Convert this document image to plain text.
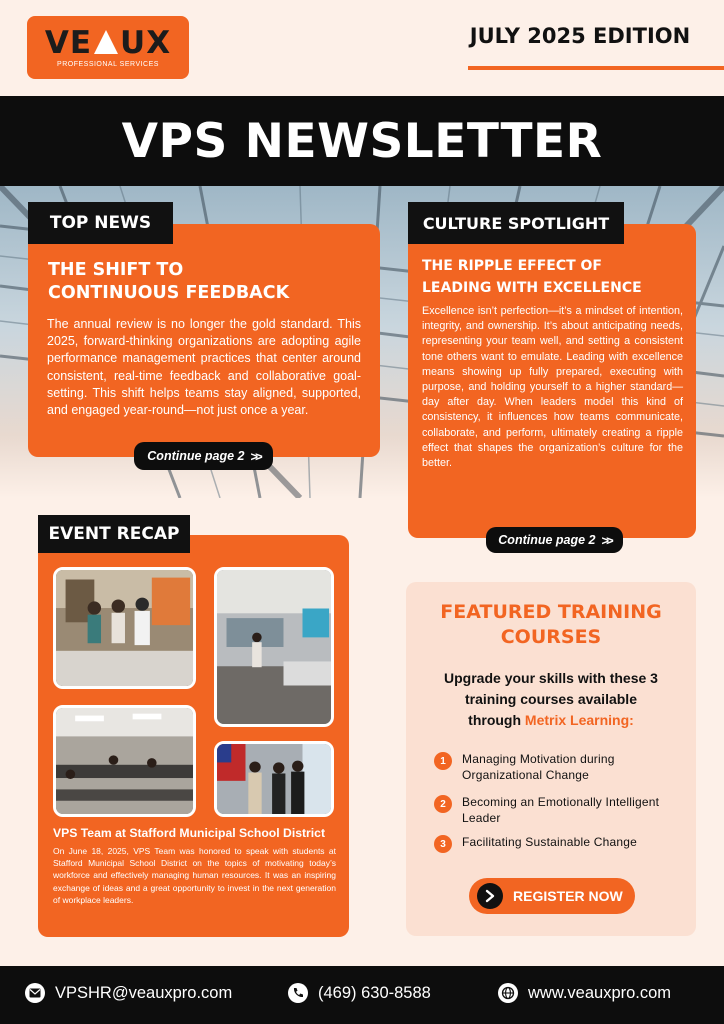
VE UX
PROFESSIONAL SERVICES
JULY 2025 EDITION
VPS NEWSLETTER
TOP NEWS
THE SHIFT TO
CONTINUOUS FEEDBACK
The annual review is no longer the gold standard. This 2025, forward-thinking organizations are adopting agile performance management practices that center around consistent, real-time feedback and collaborative goal-setting. This shift helps teams stay aligned, supported, and engaged year-round—not just once a year.
Continue page 2 >>
CULTURE SPOTLIGHT
THE RIPPLE EFFECT OF
LEADING WITH EXCELLENCE
Excellence isn’t perfection—it’s a mindset of intention, integrity, and ownership. It’s about anticipating needs, representing your team well, and setting a consistent tone others want to emulate. Leading with excellence means showing up fully prepared, executing with purpose, and holding yourself to a higher standard—day after day. When leaders model this kind of consistency, it influences how teams communicate, collaborate, and perform, ultimately creating a ripple effect that shapes the organization’s culture for the better.
Continue page 2 >>
EVENT RECAP
VPS Team at Stafford Municipal School District
On June 18, 2025, VPS Team was honored to speak with students at Stafford Municipal School District on the topics of motivating today’s workforce and effectively managing human resources. It was an inspiring exchange of ideas and a great opportunity to invest in the next generation of workplace leaders.
FEATURED TRAINING
COURSES
Upgrade your skills with these 3
training courses available
through Metrix Learning:
1	Managing Motivation during Organizational Change
2	Becoming an Emotionally Intelligent Leader
3	Facilitating Sustainable Change
REGISTER NOW
VPSHR@veauxpro.com	(469) 630-8588	www.veauxpro.com
